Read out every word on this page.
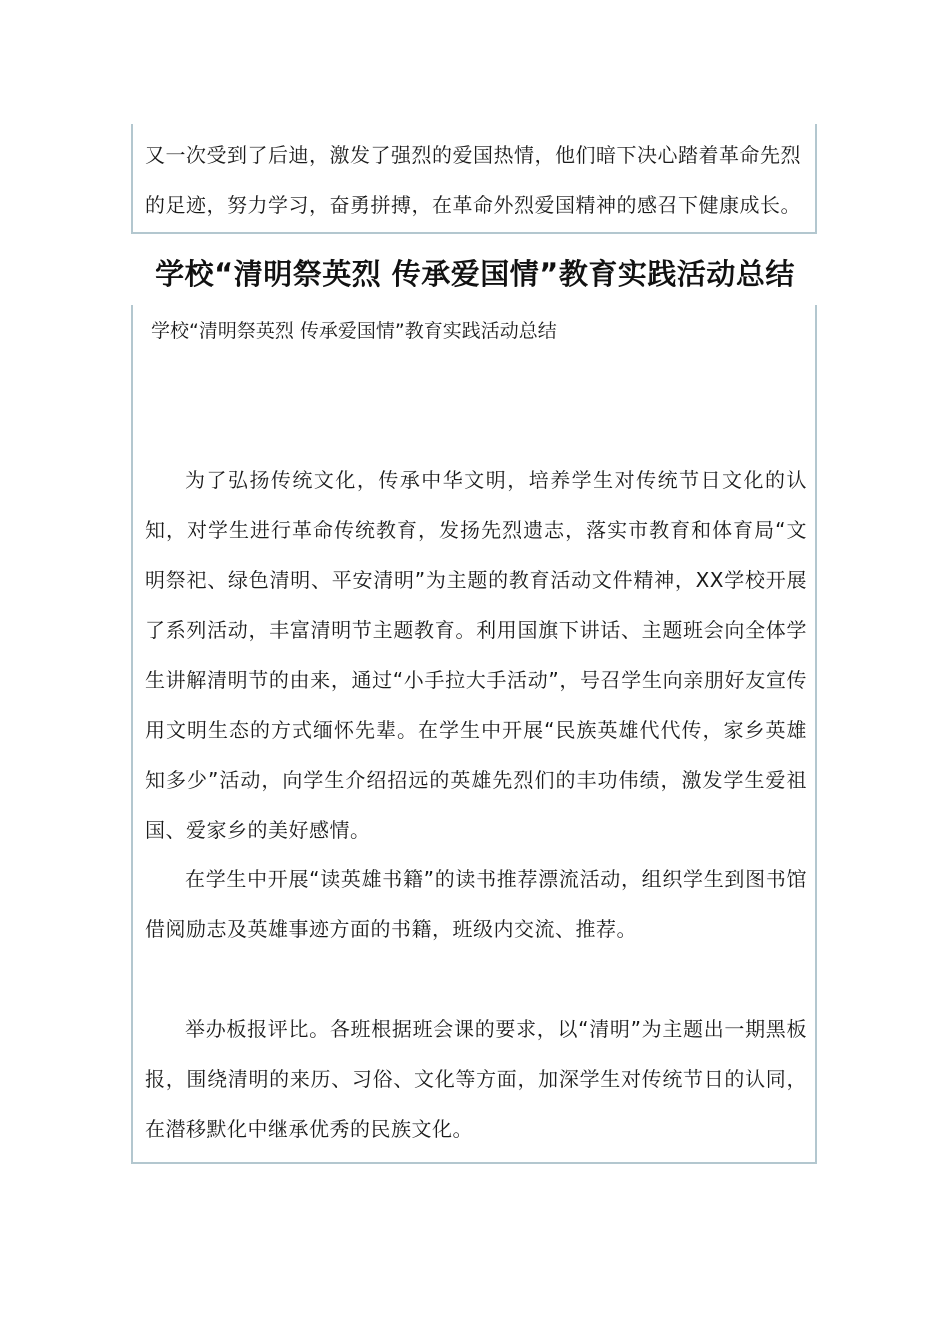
又一次受到了后迪，激发了强烈的爱国热情，他们暗下决心踏着革命先烈的足迹，努力学习，奋勇拼搏，在革命外烈爱国精神的感召下健康成长。
学校“清明祭英烈 传承爱国情”教育实践活动总结
学校“清明祭英烈 传承爱国情”教育实践活动总结
为了弘扬传统文化，传承中华文明，培养学生对传统节日文化的认知，对学生进行革命传统教育，发扬先烈遗志，落实市教育和体育局“文明祭祀、绿色清明、平安清明”为主题的教育活动文件精神，XX学校开展了系列活动，丰富清明节主题教育。利用国旗下讲话、主题班会向全体学生讲解清明节的由来，通过“小手拉大手活动”，号召学生向亲朋好友宣传用文明生态的方式缅怀先辈。在学生中开展“民族英雄代代传，家乡英雄知多少”活动，向学生介绍招远的英雄先烈们的丰功伟绩，激发学生爱祖国、爱家乡的美好感情。
在学生中开展“读英雄书籍”的读书推荐漂流活动，组织学生到图书馆借阅励志及英雄事迹方面的书籍，班级内交流、推荐。
举办板报评比。各班根据班会课的要求，以“清明”为主题出一期黑板报，围绕清明的来历、习俗、文化等方面，加深学生对传统节日的认同，在潜移默化中继承优秀的民族文化。
